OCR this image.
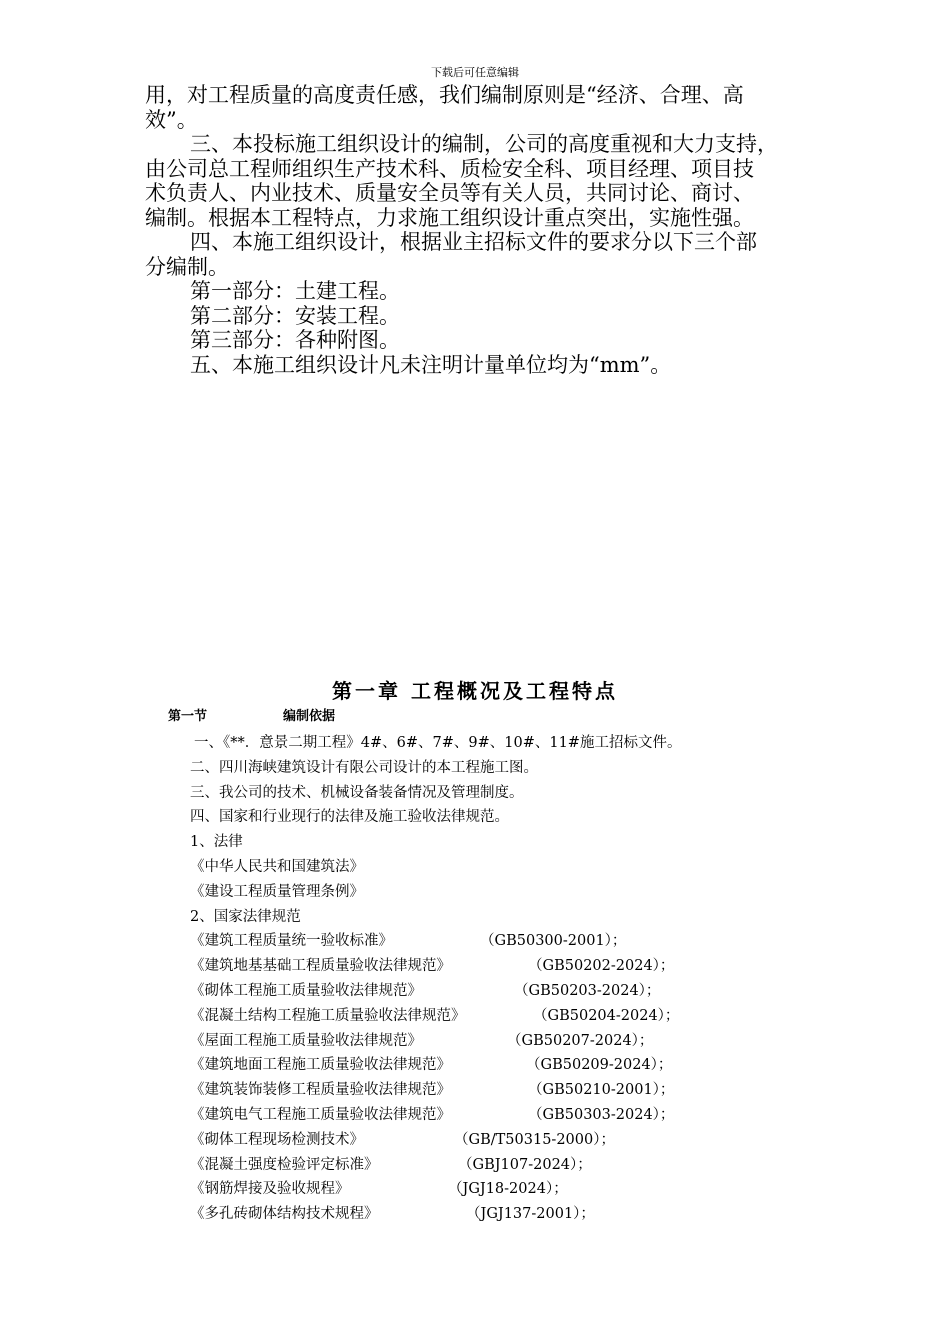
下载后可任意编辑

用，对工程质量的高度责任感，我们编制原则是“经济、合理、高

效”。

三、本投标施工组织设计的编制，公司的高度重视和大力支持，

由公司总工程师组织生产技术科、质检安全科、项目经理、项目技

术负责人、内业技术、质量安全员等有关人员，共同讨论、商讨、

编制。根据本工程特点，力求施工组织设计重点突出，实施性强。

四、本施工组织设计，根据业主招标文件的要求分以下三个部

分编制。

第一部分：土建工程。

第二部分：安装工程。

第三部分：各种附图。

五、本施工组织设计凡未注明计量单位均为“mm”。

第一章 工程概况及工程特点
第一节	编制依据
一、《**．意景二期工程》4#、6#、7#、9#、10#、11#施工招标文件。
二、四川海峡建筑设计有限公司设计的本工程施工图。
三、我公司的技术、机械设备装备情况及管理制度。
四、国家和行业现行的法律及施工验收法律规范。
1、法律
《中华人民共和国建筑法》
《建设工程质量管理条例》
2、国家法律规范
《建筑工程质量统一验收标准》	（GB50300-2001）；
《建筑地基基础工程质量验收法律规范》	（GB50202-2024）；
《砌体工程施工质量验收法律规范》	（GB50203-2024）；
《混凝土结构工程施工质量验收法律规范》	（GB50204-2024）；
《屋面工程施工质量验收法律规范》	（GB50207-2024）；
《建筑地面工程施工质量验收法律规范》	（GB50209-2024）；
《建筑装饰装修工程质量验收法律规范》	（GB50210-2001）；
《建筑电气工程施工质量验收法律规范》	（GB50303-2024）；
《砌体工程现场检测技术》	（GB/T50315-2000）；
《混凝土强度检验评定标准》	（GBJ107-2024）；
《钢筋焊接及验收规程》	（JGJ18-2024）；
《多孔砖砌体结构技术规程》	（JGJ137-2001）；
